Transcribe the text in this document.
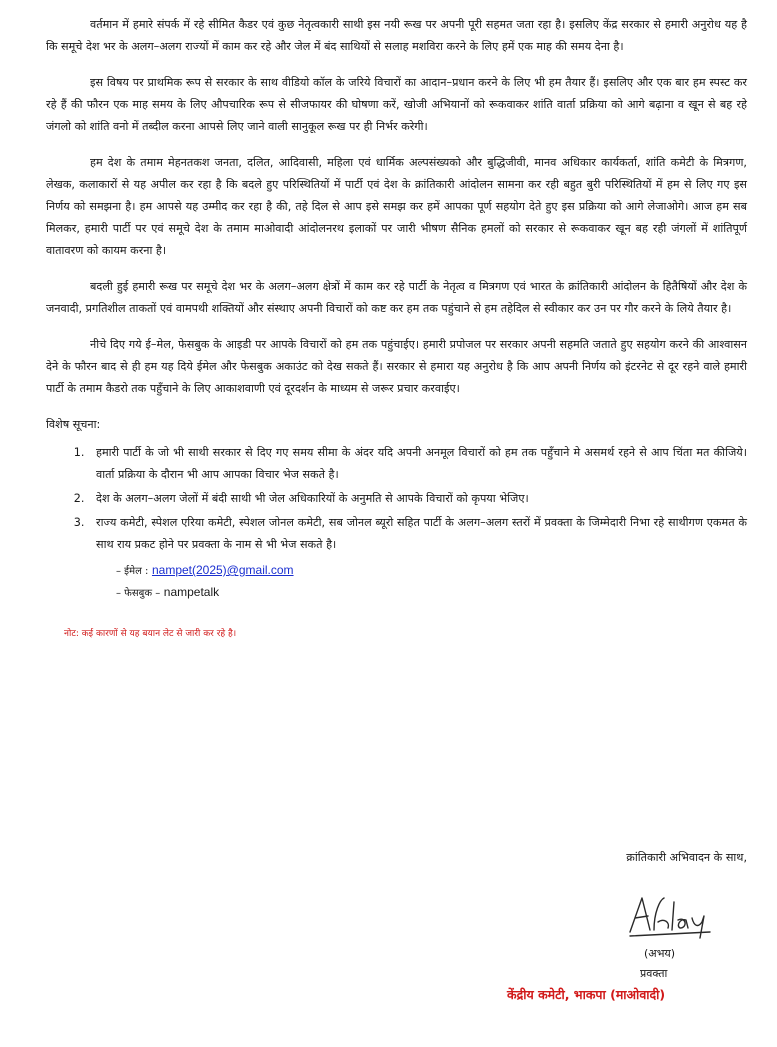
वर्तमान में हमारे संपर्क में रहे सीमित कैडर एवं कुछ नेतृत्वकारी साथी इस नयी रूख पर अपनी पूरी सहमत जता रहा है। इसलिए केंद्र सरकार से हमारी अनुरोध यह है कि समूचे देश भर के अलग–अलग राज्यों में काम कर रहे और जेल में बंद साथियों से सलाह मशविरा करने के लिए हमें एक माह की समय देना है।

इस विषय पर प्राथमिक रूप से सरकार के साथ वीडियो कॉल के जरिये विचारों का आदान–प्रधान करने के लिए भी हम तैयार हैं। इसलिए और एक बार हम स्पस्ट कर रहे हैं की फौरन एक माह समय के लिए औपचारिक रूप से सीजफायर की घोषणा करें, खोजी अभियानों को रूकवाकर शांति वार्ता प्रक्रिया को आगे बढ़ाना व खून से बह रहे जंगलो को शांति वनो में तब्दील करना आपसे लिए जाने वाली सानुकूल रूख पर ही निर्भर करेगी।

हम देश के तमाम मेहनतकश जनता, दलित, आदिवासी, महिला एवं धार्मिक अल्पसंख्यको और बुद्धिजीवी, मानव अधिकार कार्यकर्ता, शांति कमेटी के मित्रगण, लेखक, कलाकारों से यह अपील कर रहा है कि बदले हुए परिस्थितियों में पार्टी एवं देश के क्रांतिकारी आंदोलन सामना कर रही बहुत बुरी परिस्थितियों में हम से लिए गए इस निर्णय को समझना है। हम आपसे यह उम्मीद कर रहा है की, तहे दिल से आप इसे समझ कर हमें आपका पूर्ण सहयोग देते हुए इस प्रक्रिया को आगे लेजाओगे। आज हम सब मिलकर, हमारी पार्टी पर एवं समूचे देश के तमाम माओवादी आंदोलनरथ इलाकों पर जारी भीषण सैनिक हमलों को सरकार से रूकवाकर खून बह रही जंगलों में शांतिपूर्ण वातावरण को कायम करना है।

बदली हुई हमारी रूख पर समूचे देश भर के अलग–अलग क्षेत्रों में काम कर रहे पार्टी के नेतृत्व व मित्रगण एवं भारत के क्रांतिकारी आंदोलन के हितैषियों और देश के जनवादी, प्रगतिशील ताकतों एवं वामपथी शक्तियों और संस्थाए अपनी विचारों को कष्ट कर हम तक पहुंचाने से हम तहेदिल से स्वीकार कर उन पर गौर करने के लिये तैयार है।

नीचे दिए गये ई–मेल, फेसबुक के आइडी पर आपके विचारों को हम तक पहुंचाईए। हमारी प्रपोजल पर सरकार अपनी सहमति जताते हुए सहयोग करने की आश्वासन देने के फौरन बाद से ही हम यह दिये ईमेल और फेसबुक अकाउंट को देख सकते हैं। सरकार से हमारा यह अनुरोध है कि आप अपनी निर्णय को इंटरनेट से दूर रहने वाले हमारी पार्टी के तमाम कैडरो तक पहुँचाने के लिए आकाशवाणी एवं दूरदर्शन के माध्यम से जरूर प्रचार करवाईए।

विशेष सूचना:
1. हमारी पार्टी के जो भी साथी सरकार से दिए गए समय सीमा के अंदर यदि अपनी अनमूल विचारों को हम तक पहुँचाने मे असमर्थ रहने से आप चिंता मत कीजिये। वार्ता प्रक्रिया के दौरान भी आप आपका विचार भेज सकते है।
2. देश के अलग–अलग जेलों में बंदी साथी भी जेल अधिकारियों के अनुमति से आपके विचारों को कृपया भेजिए।
3. राज्य कमेटी, स्पेशल एरिया कमेटी, स्पेशल जोनल कमेटी, सब जोनल ब्यूरो सहित पार्टी के अलग–अलग स्तरों में प्रवक्ता के जिम्मेदारी निभा रहे साथीगण एकमत के साथ राय प्रकट होने पर प्रवक्ता के नाम से भी भेज सकते है।
– ईमेल : nampet(2025)@gmail.com
– फेसबुक – nampetalk
नोट: कई कारणों से यह बयान लेट से जारी कर रहे है।
क्रांतिकारी अभिवादन के साथ,
Abhay
(अभय)
प्रवक्ता
केंद्रीय कमेटी, भाकपा (माओवादी)
